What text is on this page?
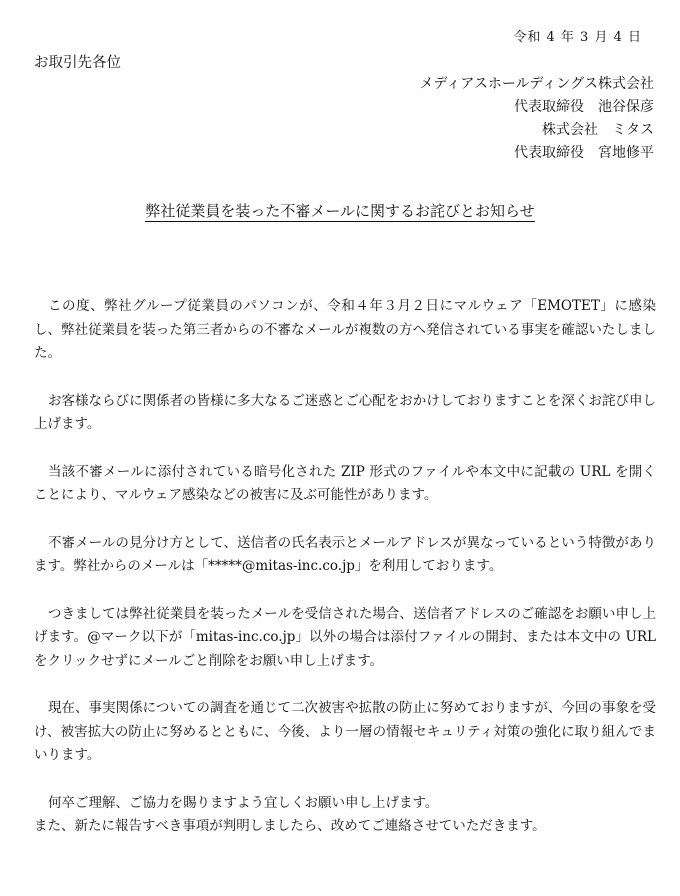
令和 4 年 3 月 4 日
お取引先各位
メディアスホールディングス株式会社
代表取締役　池谷保彦
株式会社　ミタス
代表取締役　宮地修平
弊社従業員を装った不審メールに関するお詫びとお知らせ

この度、弊社グループ従業員のパソコンが、令和４年３月２日にマルウェア「EMOTET」に感染し、弊社従業員を装った第三者からの不審なメールが複数の方へ発信されている事実を確認いたしました。

お客様ならびに関係者の皆様に多大なるご迷惑とご心配をおかけしておりますことを深くお詫び申し上げます。

当該不審メールに添付されている暗号化された ZIP 形式のファイルや本文中に記載の URL を開くことにより、マルウェア感染などの被害に及ぶ可能性があります。

不審メールの見分け方として、送信者の氏名表示とメールアドレスが異なっているという特徴があります。弊社からのメールは「*****@mitas-inc.co.jp」を利用しております。

つきましては弊社従業員を装ったメールを受信された場合、送信者アドレスのご確認をお願い申し上げます。@マーク以下が「mitas-inc.co.jp」以外の場合は添付ファイルの開封、または本文中の URL をクリックせずにメールごと削除をお願い申し上げます。

現在、事実関係についての調査を通じて二次被害や拡散の防止に努めておりますが、今回の事象を受け、被害拡大の防止に努めるとともに、今後、より一層の情報セキュリティ対策の強化に取り組んでまいります。

何卒ご理解、ご協力を賜りますよう宜しくお願い申し上げます。

また、新たに報告すべき事項が判明しましたら、改めてご連絡させていただきます。
